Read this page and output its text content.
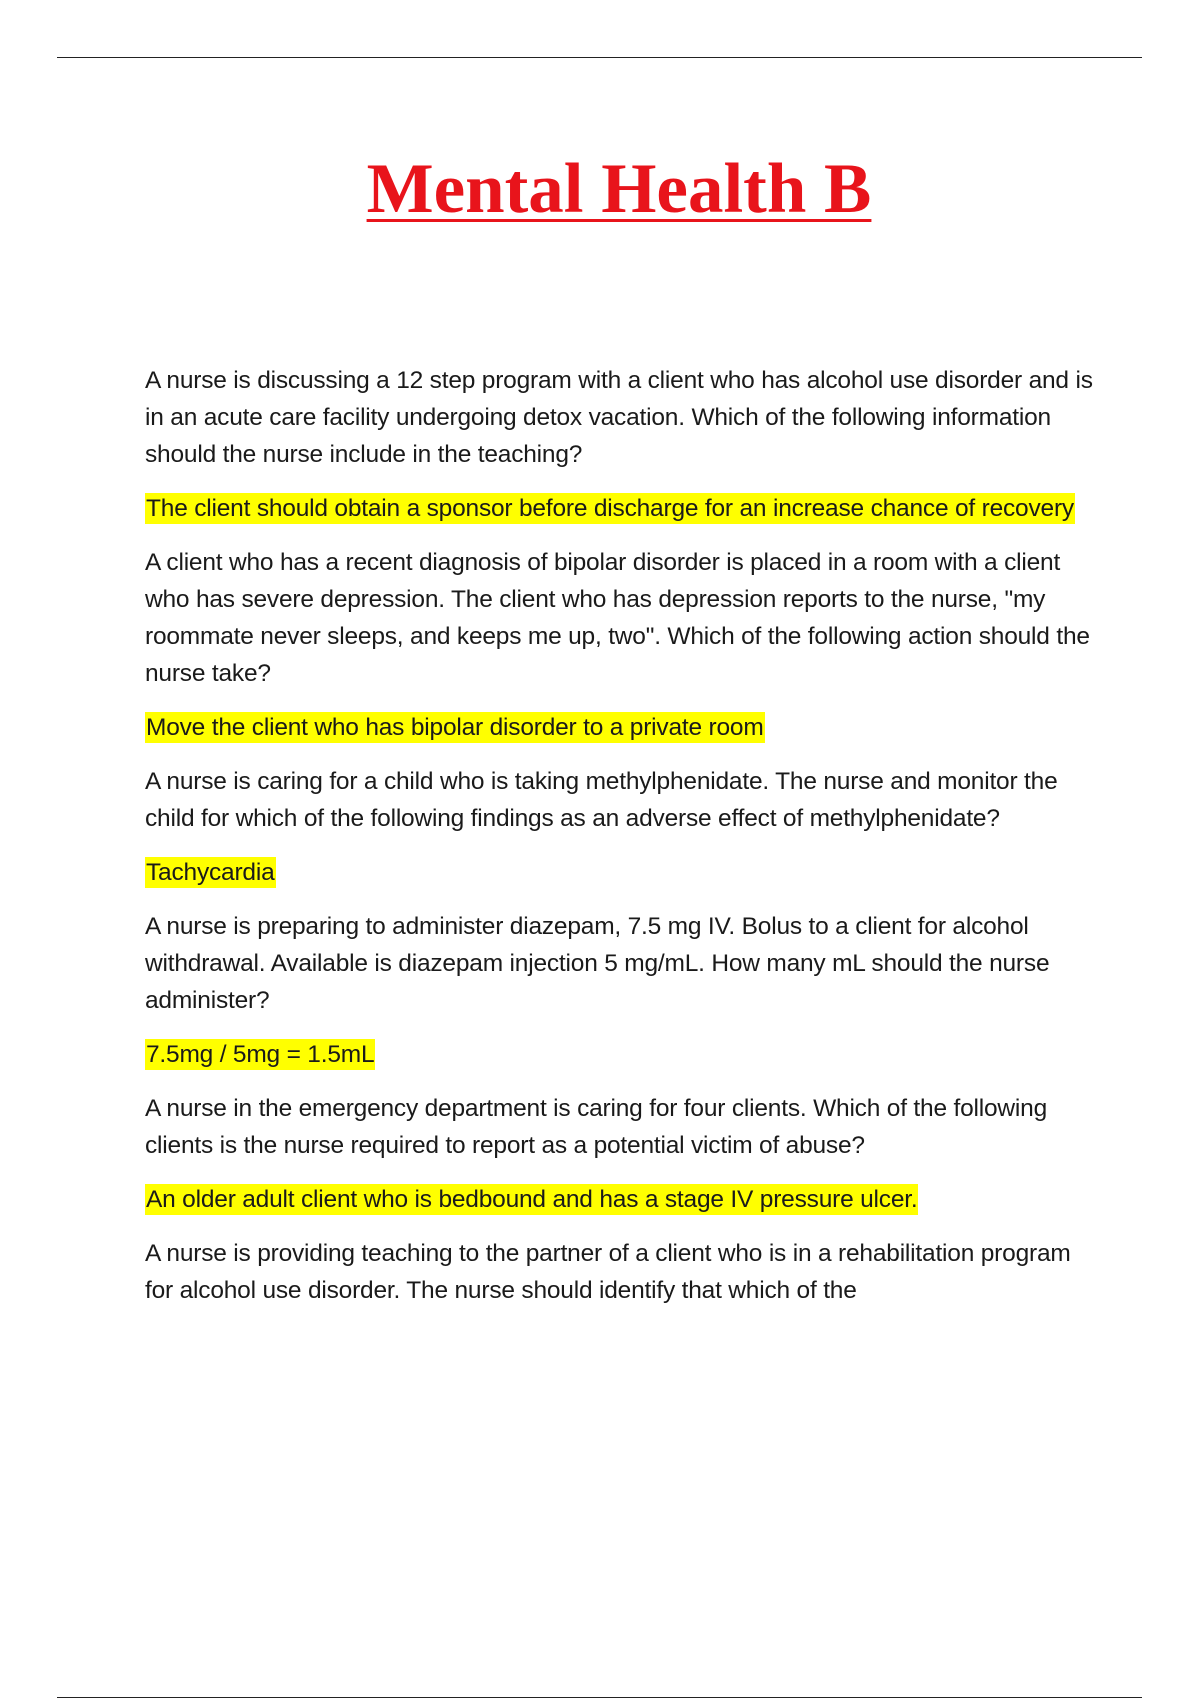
Mental Health B

A nurse is discussing a 12 step program with a client who has alcohol use disorder and is in an acute care facility undergoing detox vacation. Which of the following information should the nurse include in the teaching?

The client should obtain a sponsor before discharge for an increase chance of recovery

A client who has a recent diagnosis of bipolar disorder is placed in a room with a client who has severe depression. The client who has depression reports to the nurse, "my roommate never sleeps, and keeps me up, two". Which of the following action should the nurse take?

Move the client who has bipolar disorder to a private room

A nurse is caring for a child who is taking methylphenidate. The nurse and monitor the child for which of the following findings as an adverse effect of methylphenidate?

Tachycardia

A nurse is preparing to administer diazepam, 7.5 mg IV. Bolus to a client for alcohol withdrawal. Available is diazepam injection 5 mg/mL. How many mL should the nurse administer?

7.5mg / 5mg = 1.5mL

A nurse in the emergency department is caring for four clients. Which of the following clients is the nurse required to report as a potential victim of abuse?

An older adult client who is bedbound and has a stage IV pressure ulcer.

A nurse is providing teaching to the partner of a client who is in a rehabilitation program for alcohol use disorder. The nurse should identify that which of the
